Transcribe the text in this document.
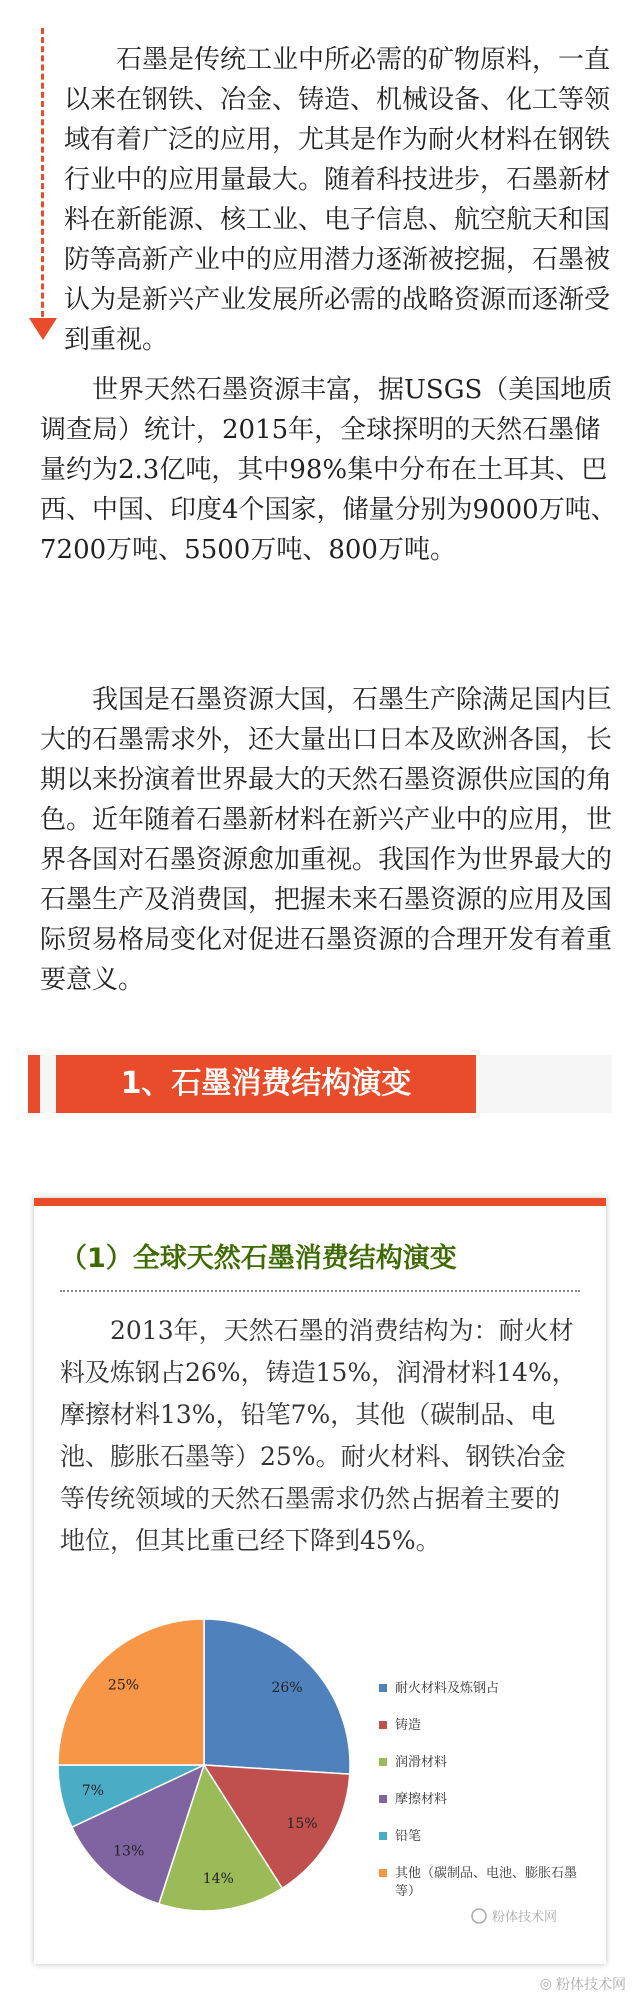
石墨是传统工业中所必需的矿物原料，一直以来在钢铁、冶金、铸造、机械设备、化工等领域有着广泛的应用，尤其是作为耐火材料在钢铁行业中的应用量最大。随着科技进步，石墨新材料在新能源、核工业、电子信息、航空航天和国防等高新产业中的应用潜力逐渐被挖掘，石墨被认为是新兴产业发展所必需的战略资源而逐渐受到重视。

世界天然石墨资源丰富，据USGS（美国地质调查局）统计，2015年，全球探明的天然石墨储量约为2.3亿吨，其中98%集中分布在土耳其、巴西、中国、印度4个国家，储量分别为9000万吨、7200万吨、5500万吨、800万吨。

我国是石墨资源大国，石墨生产除满足国内巨大的石墨需求外，还大量出口日本及欧洲各国，长期以来扮演着世界最大的天然石墨资源供应国的角色。近年随着石墨新材料在新兴产业中的应用，世界各国对石墨资源愈加重视。我国作为世界最大的石墨生产及消费国，把握未来石墨资源的应用及国际贸易格局变化对促进石墨资源的合理开发有着重要意义。

1、石墨消费结构演变
（1）全球天然石墨消费结构演变

2013年，天然石墨的消费结构为：耐火材料及炼钢占26%，铸造15%，润滑材料14%，摩擦材料13%，铅笔7%，其他（碳制品、电池、膨胀石墨等）25%。耐火材料、钢铁冶金等传统领域的天然石墨需求仍然占据着主要的地位，但其比重已经下降到45%。

26%
15%
14%
13%
7%
25%	耐火材料及炼钢占
铸造
润滑材料
摩擦材料
铅笔
其他（碳制品、电池、膨胀石墨
等）
粉体技术网
◎ 粉体技术网
